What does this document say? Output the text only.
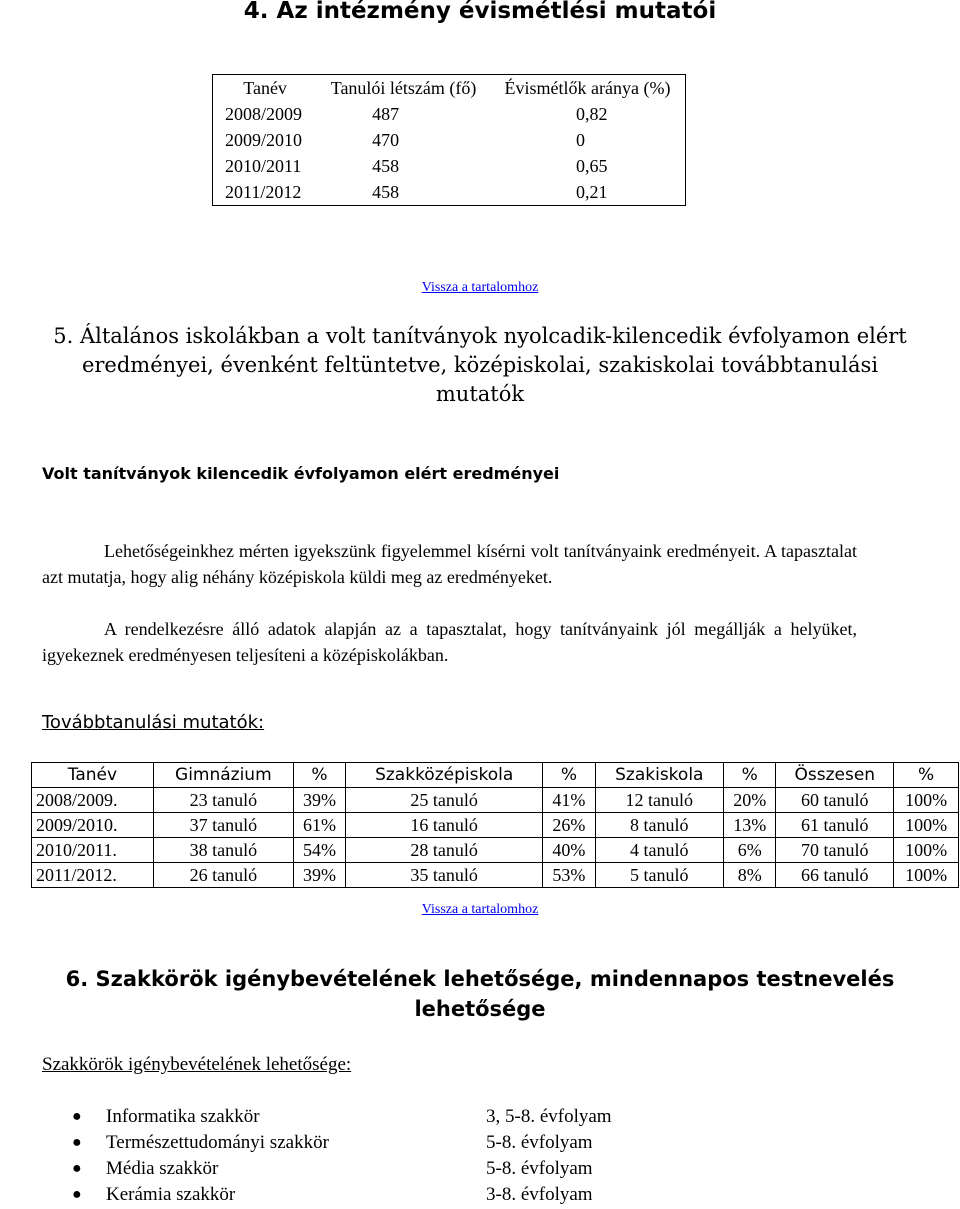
4. Az intézmény évismétlési mutatói
Tanév	Tanulói létszám (fő)	Évismétlők aránya (%)
2008/2009	487	0,82
2009/2010	470	0
2010/2011	458	0,65
2011/2012	458	0,21
Vissza a tartalomhoz
5. Általános iskolákban a volt tanítványok nyolcadik-kilencedik évfolyamon elért eredményei, évenként feltüntetve, középiskolai, szakiskolai továbbtanulási mutatók
Volt tanítványok kilencedik évfolyamon elért eredményei
Lehetőségeinkhez mérten igyekszünk figyelemmel kísérni volt tanítványaink eredményeit. A tapasztalat azt mutatja, hogy alig néhány középiskola küldi meg az eredményeket.
A rendelkezésre álló adatok alapján az a tapasztalat, hogy tanítványaink jól megállják a helyüket, igyekeznek eredményesen teljesíteni a középiskolákban.
Továbbtanulási mutatók:
Tanév	Gimnázium	%	Szakközépiskola	%	Szakiskola	%	Összesen	%
2008/2009.	23 tanuló	39%	25 tanuló	41%	12 tanuló	20%	60 tanuló	100%
2009/2010.	37 tanuló	61%	16 tanuló	26%	8 tanuló	13%	61 tanuló	100%
2010/2011.	38 tanuló	54%	28 tanuló	40%	4 tanuló	6%	70 tanuló	100%
2011/2012.	26 tanuló	39%	35 tanuló	53%	5 tanuló	8%	66 tanuló	100%
Vissza a tartalomhoz
6. Szakkörök igénybevételének lehetősége, mindennapos testnevelés
lehetősége
Szakkörök igénybevételének lehetősége:
●	Informatika szakkör	3, 5-8. évfolyam
●	Természettudományi szakkör	5-8. évfolyam
●	Média szakkör	5-8. évfolyam
●	Kerámia szakkör	3-8. évfolyam
